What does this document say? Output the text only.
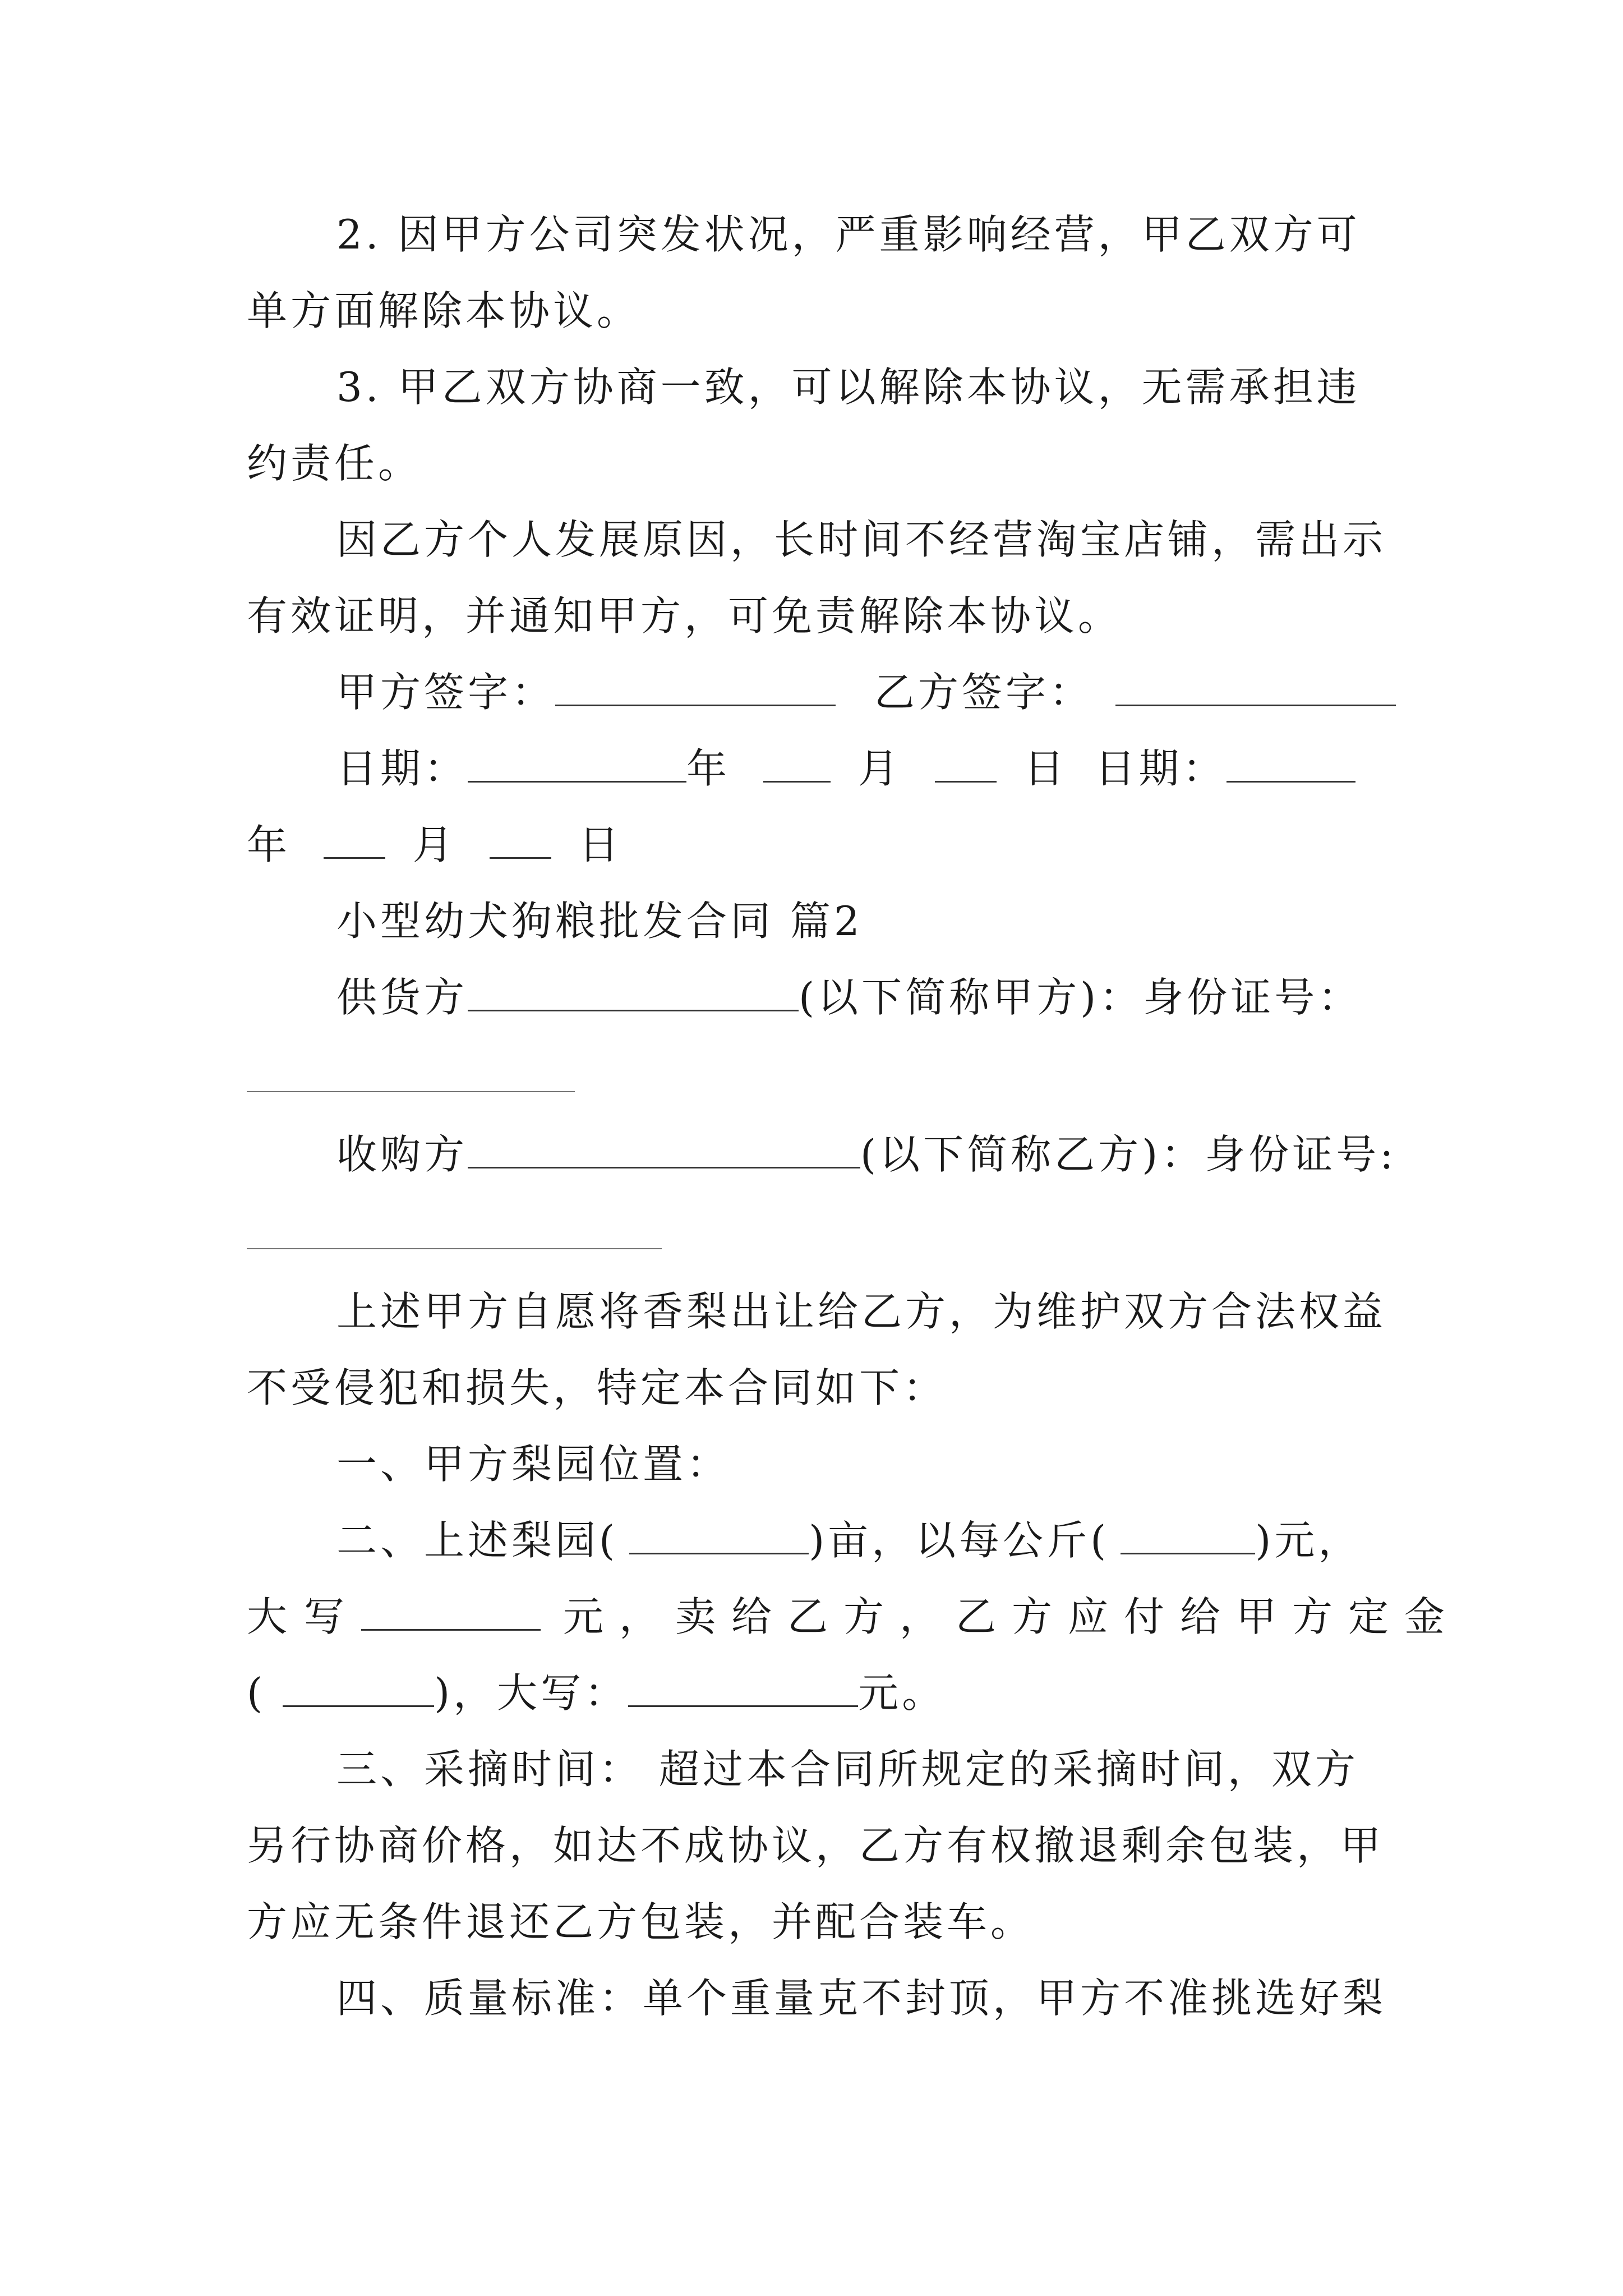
2. 因甲方公司突发状况，严重影响经营，甲乙双方可
单方面解除本协议。
3. 甲乙双方协商一致，可以解除本协议，无需承担违
约责任。
因乙方个人发展原因，长时间不经营淘宝店铺，需出示
有效证明，并通知甲方，可免责解除本协议。
甲方签字：	乙方签字：
日期：	年	月	日 日期：
年	月	日
小型幼犬狗粮批发合同 篇2
供货方	(以下简称甲方)：身份证号：
收购方	(以下简称乙方)：身份证号:
上述甲方自愿将香梨出让给乙方，为维护双方合法权益
不受侵犯和损失，特定本合同如下：
一、甲方梨园位置：
二、上述梨园(	)亩，以每公斤(	)元，
大写	元，卖给乙方，乙方应付给甲方定金
(	)，大写：	元。
三、采摘时间： 超过本合同所规定的采摘时间，双方
另行协商价格，如达不成协议，乙方有权撤退剩余包装，甲
方应无条件退还乙方包装，并配合装车。
四、质量标准：单个重量克不封顶，甲方不准挑选好梨
